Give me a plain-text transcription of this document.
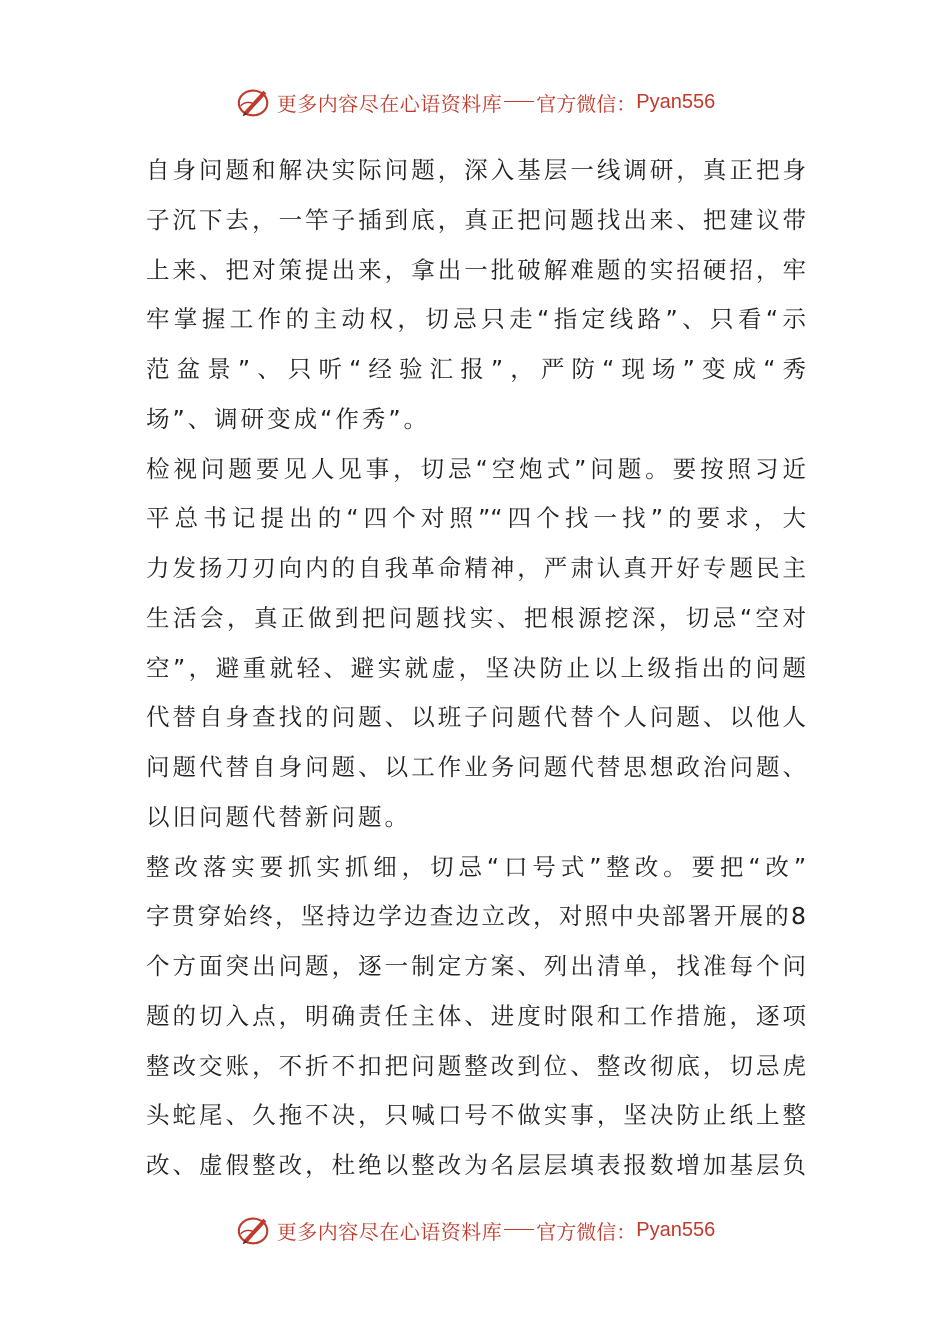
更多内容尽在心语资料库 官方微信： Pyan556
自身问题和解决实际问题，深入基层一线调研，真正把身
子沉下去，一竿子插到底，真正把问题找出来、把建议带
上来、把对策提出来，拿出一批破解难题的实招硬招，牢
牢掌握工作的主动权，切忌只走“指定线路”、只看“示
范盆景”、只听“经验汇报”，严防“现场”变成“秀
场”、调研变成“作秀”。
检视问题要见人见事，切忌“空炮式”问题。要按照习近
平总书记提出的“四个对照”“四个找一找”的要求，大
力发扬刀刃向内的自我革命精神，严肃认真开好专题民主
生活会，真正做到把问题找实、把根源挖深，切忌“空对
空”，避重就轻、避实就虚，坚决防止以上级指出的问题
代替自身查找的问题、以班子问题代替个人问题、以他人
问题代替自身问题、以工作业务问题代替思想政治问题、
以旧问题代替新问题。
整改落实要抓实抓细，切忌“口号式”整改。要把“改”
字贯穿始终，坚持边学边查边立改，对照中央部署开展的8
个方面突出问题，逐一制定方案、列出清单，找准每个问
题的切入点，明确责任主体、进度时限和工作措施，逐项
整改交账，不折不扣把问题整改到位、整改彻底，切忌虎
头蛇尾、久拖不决，只喊口号不做实事，坚决防止纸上整
改、虚假整改，杜绝以整改为名层层填表报数增加基层负
更多内容尽在心语资料库 官方微信： Pyan556
